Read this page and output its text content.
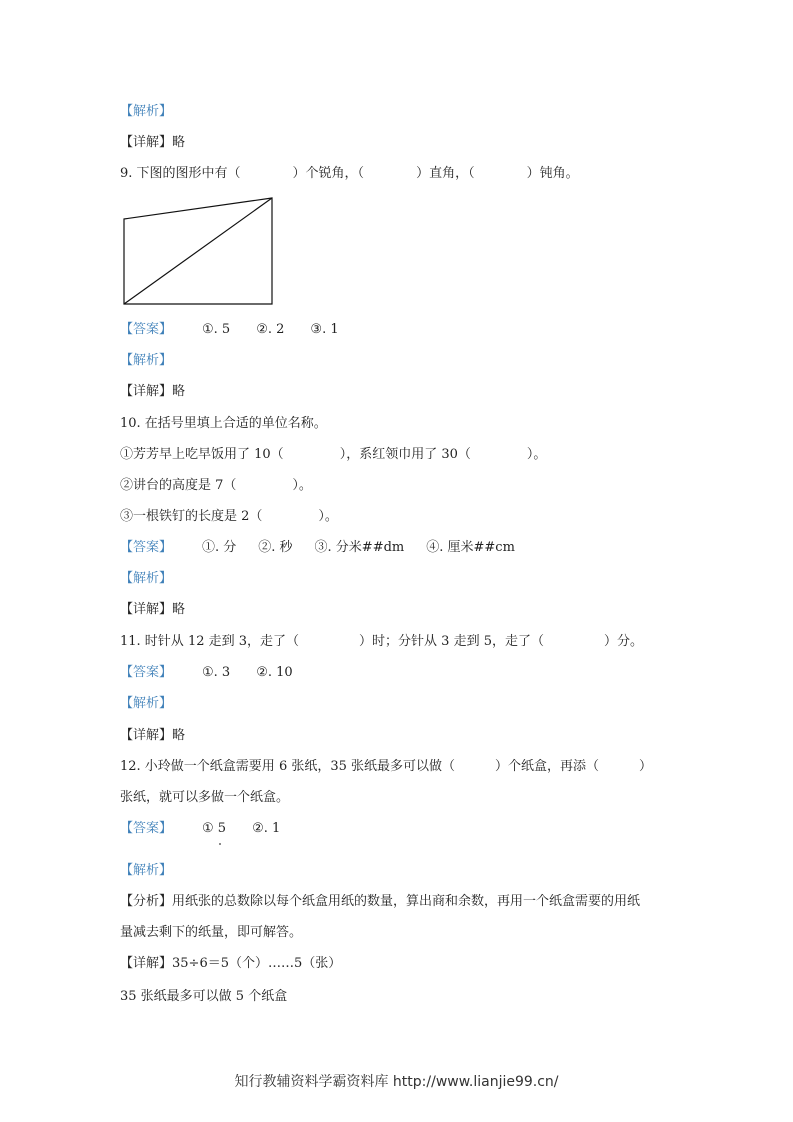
【解析】
【详解】略
9. 下图的图形中有（	）个锐角，（	）直角，（	）钝角。
【答案】 ①. 5 ②. 2 ③. 1
【解析】
【详解】略
10. 在括号里填上合适的单位名称。
①芳芳早上吃早饭用了 10（	），系红领巾用了 30（	）。
②讲台的高度是 7（	）。
③一根铁钉的长度是 2（	）。
【答案】 ①. 分 ②. 秒 ③. 分米##dm ④. 厘米##cm
【解析】
【详解】略
11. 时针从 12 走到 3，走了（	）时；分针从 3 走到 5，走了（	）分。
【答案】 ①. 3 ②. 10
【解析】
【详解】略
12. 小玲做一个纸盒需要用 6 张纸，35 张纸最多可以做（	）个纸盒，再添（	）
张纸，就可以多做一个纸盒。
【答案】 ① 5 ②. 1
【解析】
【分析】用纸张的总数除以每个纸盒用纸的数量，算出商和余数，再用一个纸盒需要的用纸
量减去剩下的纸量，即可解答。
【详解】35÷6＝5（个）……5（张）
35 张纸最多可以做 5 个纸盒
知行教辅资料学霸资料库 http://www.lianjie99.cn/
